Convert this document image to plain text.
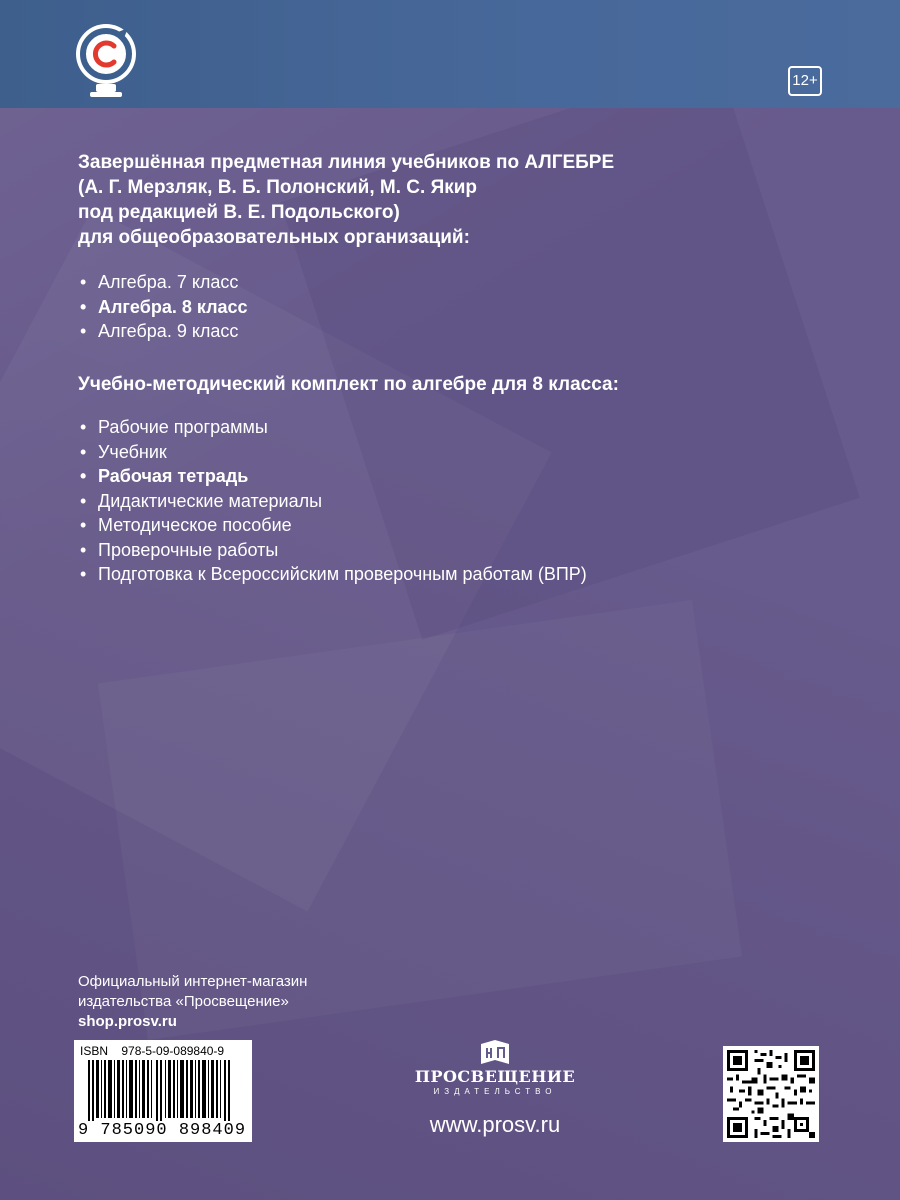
12+
Завершённая предметная линия учебников по АЛГЕБРЕ
(А. Г. Мерзляк, В. Б. Полонский, М. С. Якир
под редакцией В. Е. Подольского)
для общеобразовательных организаций:
• Алгебра. 7 класс
• Алгебра. 8 класс
• Алгебра. 9 класс
Учебно-методический комплект по алгебре для 8 класса:
• Рабочие программы
• Учебник
• Рабочая тетрадь
• Дидактические материалы
• Методическое пособие
• Проверочные работы
• Подготовка к Всероссийским проверочным работам (ВПР)
Официальный интернет-магазин
издательства «Просвещение»
shop.prosv.ru
ISBN 978-5-09-089840-9
9 785090 898409
ПРОСВЕЩЕНИЕ
ИЗДАТЕЛЬСТВО
www.prosv.ru
